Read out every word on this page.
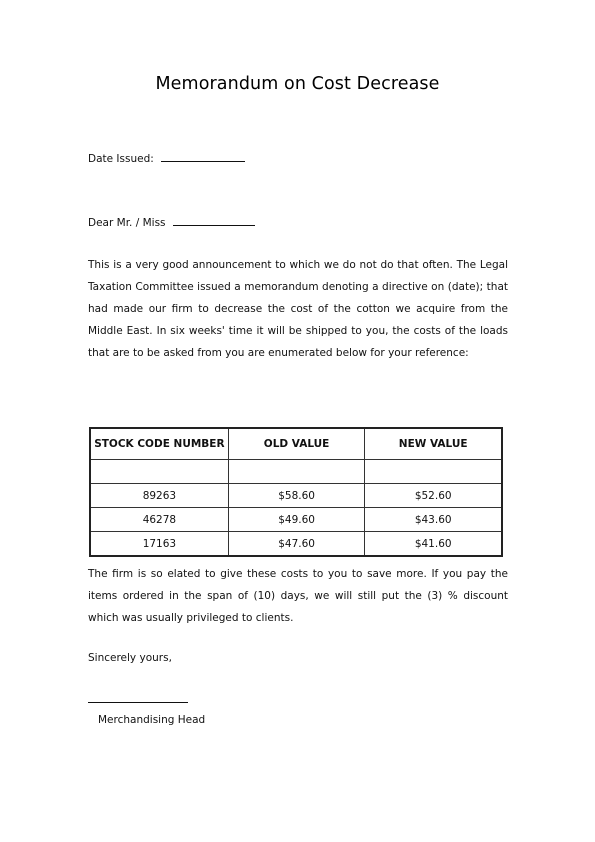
Memorandum on Cost Decrease
Date Issued:
Dear Mr. / Miss

This is a very good announcement to which we do not do that often. The Legal Taxation Committee issued a memorandum denoting a directive on (date); that had made our firm to decrease the cost of the cotton we acquire from the Middle East. In six weeks' time it will be shipped to you, the costs of the loads that are to be asked from you are enumerated below for your reference:

STOCK CODE NUMBER	OLD VALUE	NEW VALUE

89263	$58.60	$52.60
46278	$49.60	$43.60
17163	$47.60	$41.60

The firm is so elated to give these costs to you to save more. If you pay the items ordered in the span of (10) days, we will still put the (3) % discount which was usually privileged to clients.

Sincerely yours,
Merchandising Head
